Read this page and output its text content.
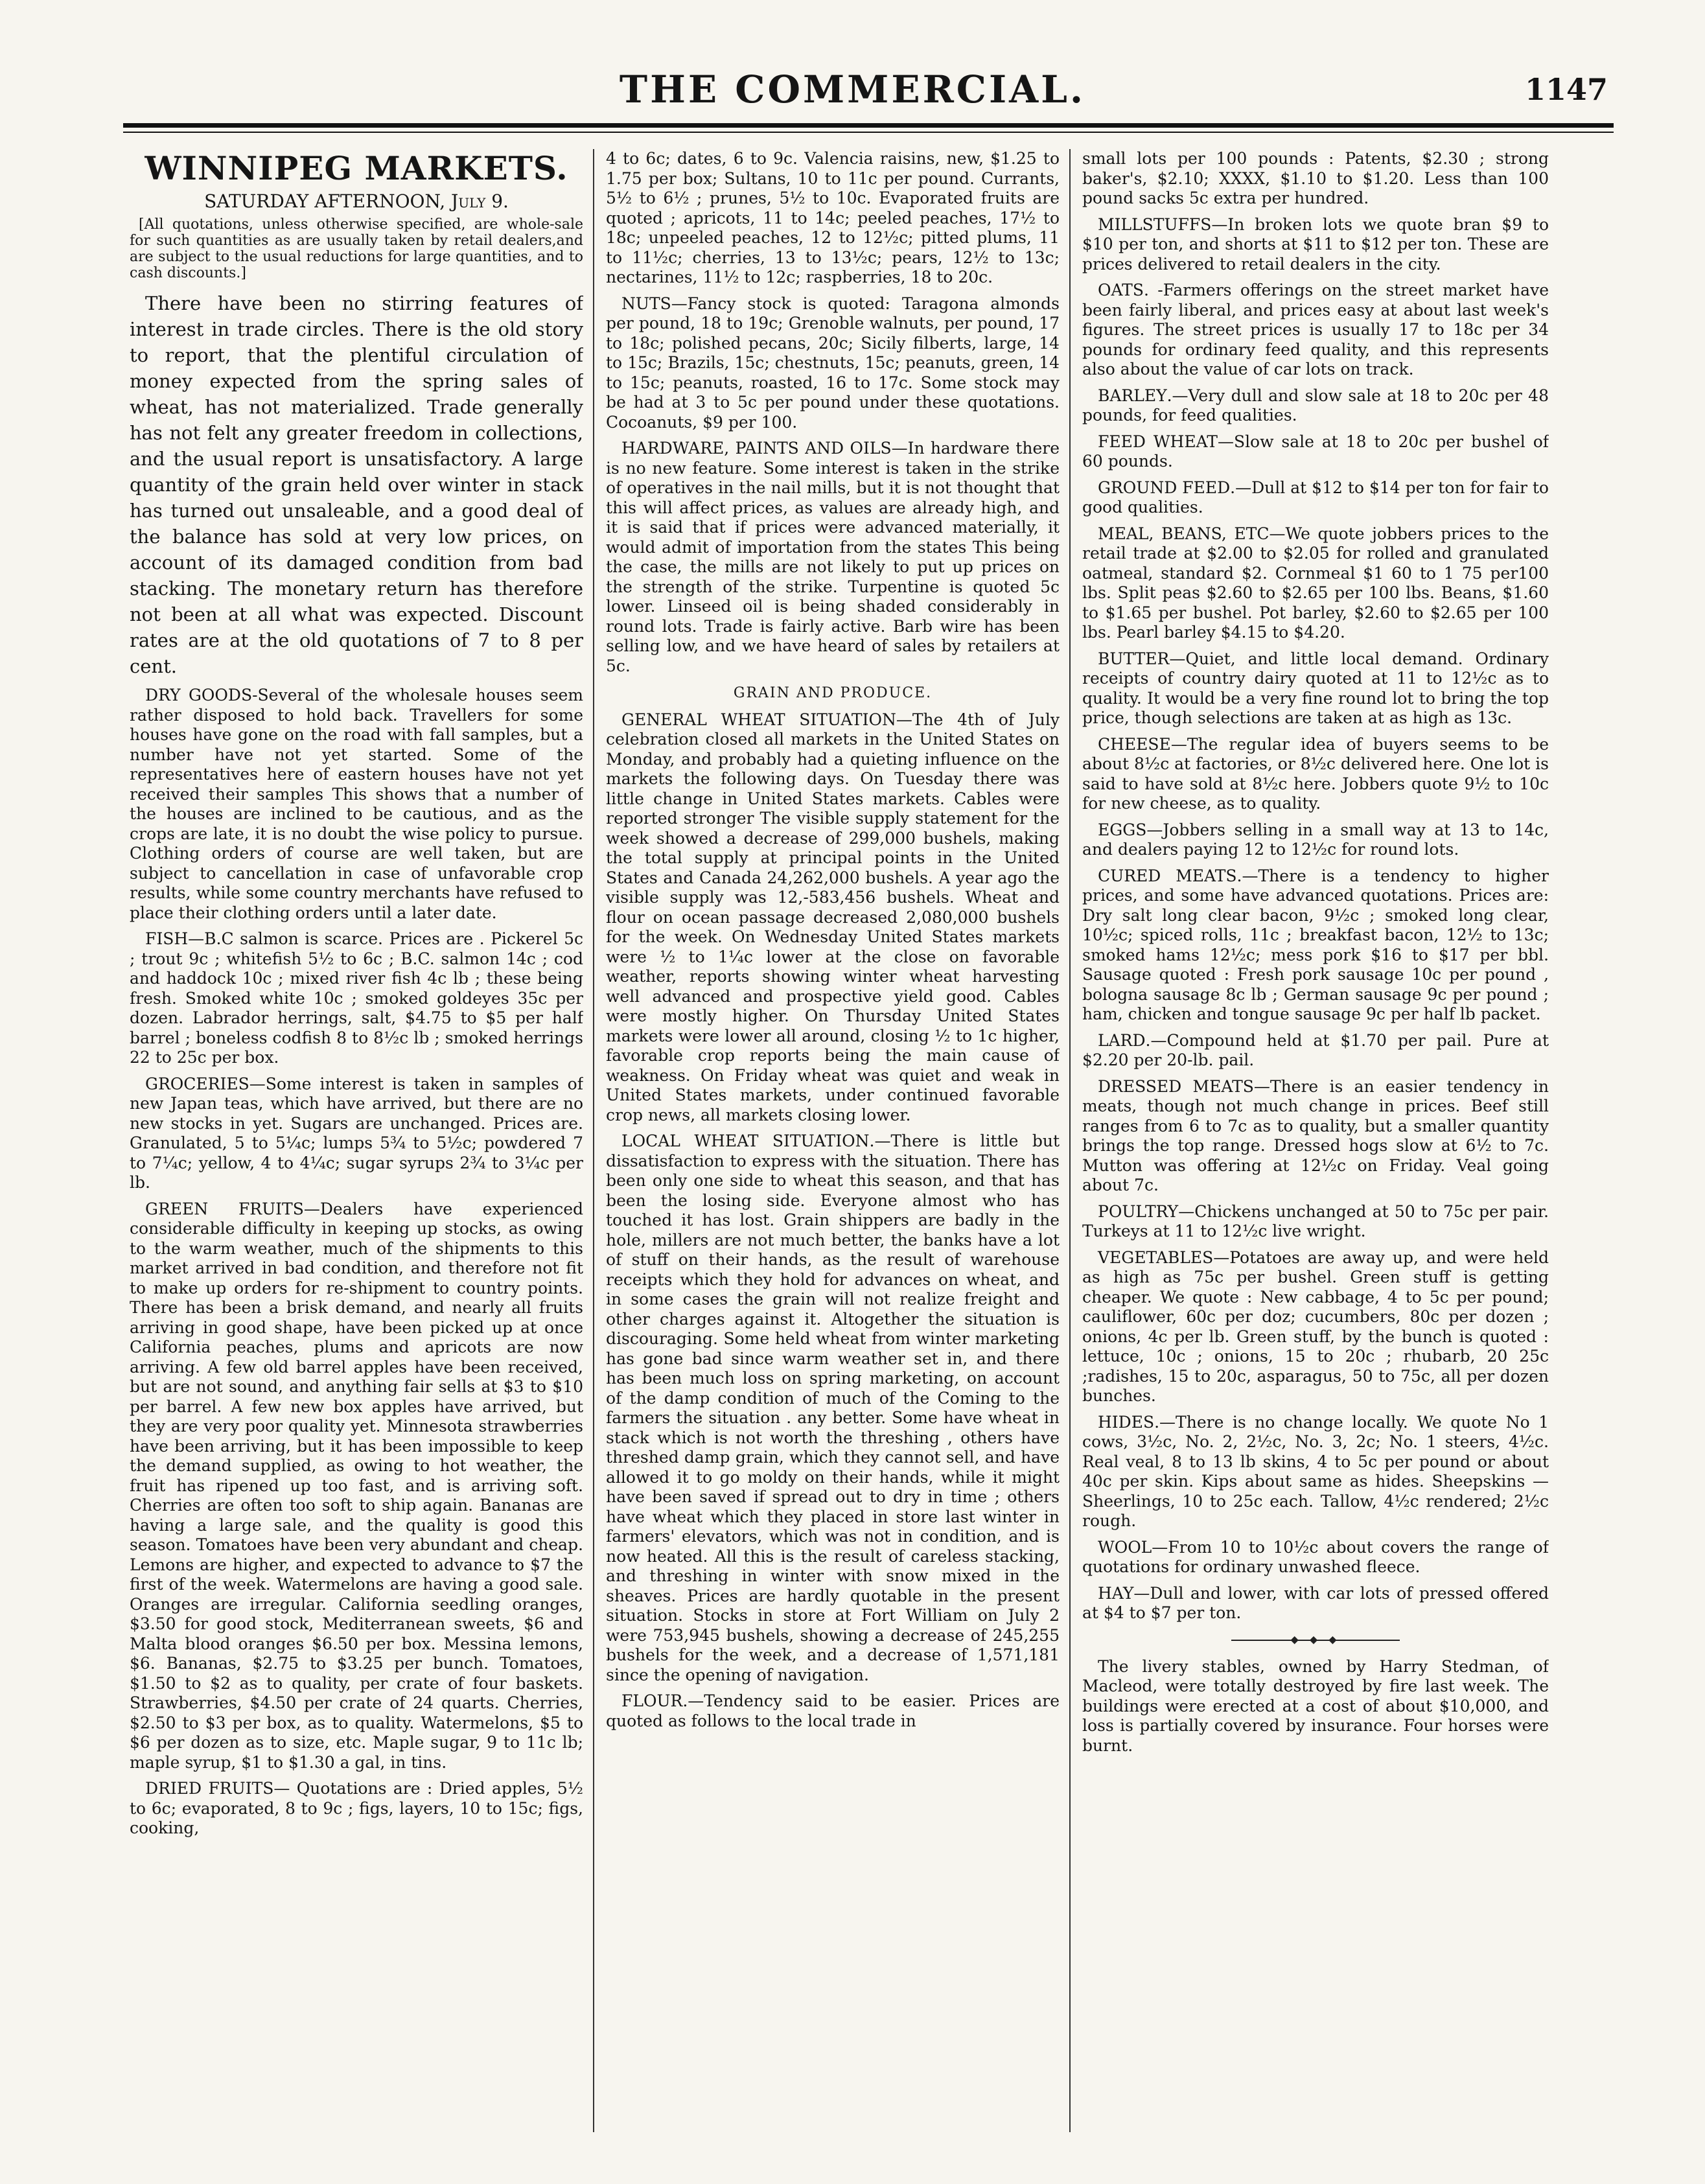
THE COMMERCIAL.	1147
WINNIPEG MARKETS.
SATURDAY AFTERNOON, July 9.
[All quotations, unless otherwise specified, are whole-sale for such quantities as are usually taken by retail dealers,and are subject to the usual reductions for large quantities, and to cash discounts.]

There have been no stirring features of interest in trade circles. There is the old story to report, that the plentiful circulation of money expected from the spring sales of wheat, has not materialized. Trade generally has not felt any greater freedom in collections, and the usual report is unsatisfactory. A large quantity of the grain held over winter in stack has turned out unsaleable, and a good deal of the balance has sold at very low prices, on account of its damaged condition from bad stacking. The monetary return has therefore not been at all what was expected. Discount rates are at the old quotations of 7 to 8 per cent.

DRY GOODS-Several of the wholesale houses seem rather disposed to hold back. Travellers for some houses have gone on the road with fall samples, but a number have not yet started. Some of the representatives here of eastern houses have not yet received their samples This shows that a number of the houses are inclined to be cautious, and as the crops are late, it is no doubt the wise policy to pursue. Clothing orders of course are well taken, but are subject to cancellation in case of unfavorable crop results, while some country merchants have refused to place their clothing orders until a later date.

FISH—B.C salmon is scarce. Prices are . Pickerel 5c ; trout 9c ; whitefish 5½ to 6c ; B.C. salmon 14c ; cod and haddock 10c ; mixed river fish 4c lb ; these being fresh. Smoked white 10c ; smoked goldeyes 35c per dozen. Labrador herrings, salt, $4.75 to $5 per half barrel ; boneless codfish 8 to 8½c lb ; smoked herrings 22 to 25c per box.

GROCERIES—Some interest is taken in samples of new Japan teas, which have arrived, but there are no new stocks in yet. Sugars are unchanged. Prices are. Granulated, 5 to 5¼c; lumps 5¾ to 5½c; powdered 7 to 7¼c; yellow, 4 to 4¼c; sugar syrups 2¾ to 3¼c per lb.

GREEN FRUITS—Dealers have experienced considerable difficulty in keeping up stocks, as owing to the warm weather, much of the shipments to this market arrived in bad condition, and therefore not fit to make up orders for re-shipment to country points. There has been a brisk demand, and nearly all fruits arriving in good shape, have been picked up at once California peaches, plums and apricots are now arriving. A few old barrel apples have been received, but are not sound, and anything fair sells at $3 to $10 per barrel. A few new box apples have arrived, but they are very poor quality yet. Minnesota strawberries have been arriving, but it has been impossible to keep the demand supplied, as owing to hot weather, the fruit has ripened up too fast, and is arriving soft. Cherries are often too soft to ship again. Bananas are having a large sale, and the quality is good this season. Tomatoes have been very abundant and cheap. Lemons are higher, and expected to advance to $7 the first of the week. Watermelons are having a good sale. Oranges are irregular. California seedling oranges, $3.50 for good stock, Mediterranean sweets, $6 and Malta blood oranges $6.50 per box. Messina lemons, $6. Bananas, $2.75 to $3.25 per bunch. Tomatoes, $1.50 to $2 as to quality, per crate of four baskets. Strawberries, $4.50 per crate of 24 quarts. Cherries, $2.50 to $3 per box, as to quality. Watermelons, $5 to $6 per dozen as to size, etc. Maple sugar, 9 to 11c lb; maple syrup, $1 to $1.30 a gal, in tins.

DRIED FRUITS— Quotations are : Dried apples, 5½ to 6c; evaporated, 8 to 9c ; figs, layers, 10 to 15c; figs, cooking,

4 to 6c; dates, 6 to 9c. Valencia raisins, new, $1.25 to 1.75 per box; Sultans, 10 to 11c per pound. Currants, 5½ to 6½ ; prunes, 5½ to 10c. Evaporated fruits are quoted ; apricots, 11 to 14c; peeled peaches, 17½ to 18c; unpeeled peaches, 12 to 12½c; pitted plums, 11 to 11½c; cherries, 13 to 13½c; pears, 12½ to 13c; nectarines, 11½ to 12c; raspberries, 18 to 20c.

NUTS—Fancy stock is quoted: Taragona almonds per pound, 18 to 19c; Grenoble walnuts, per pound, 17 to 18c; polished pecans, 20c; Sicily filberts, large, 14 to 15c; Brazils, 15c; chestnuts, 15c; peanuts, green, 14 to 15c; peanuts, roasted, 16 to 17c. Some stock may be had at 3 to 5c per pound under these quotations. Cocoanuts, $9 per 100.

HARDWARE, PAINTS AND OILS—In hardware there is no new feature. Some interest is taken in the strike of operatives in the nail mills, but it is not thought that this will affect prices, as values are already high, and it is said that if prices were advanced materially, it would admit of importation from the states This being the case, the mills are not likely to put up prices on the strength of the strike. Turpentine is quoted 5c lower. Linseed oil is being shaded considerably in round lots. Trade is fairly active. Barb wire has been selling low, and we have heard of sales by retailers at 5c.

GRAIN AND PRODUCE.

GENERAL WHEAT SITUATION—The 4th of July celebration closed all markets in the United States on Monday, and probably had a quieting influence on the markets the following days. On Tuesday there was little change in United States markets. Cables were reported stronger The visible supply statement for the week showed a decrease of 299,000 bushels, making the total supply at principal points in the United States and Canada 24,262,000 bushels. A year ago the visible supply was 12,-583,456 bushels. Wheat and flour on ocean passage decreased 2,080,000 bushels for the week. On Wednesday United States markets were ½ to 1¼c lower at the close on favorable weather, reports showing winter wheat harvesting well advanced and prospective yield good. Cables were mostly higher. On Thursday United States markets were lower all around, closing ½ to 1c higher, favorable crop reports being the main cause of weakness. On Friday wheat was quiet and weak in United States markets, under continued favorable crop news, all markets closing lower.

LOCAL WHEAT SITUATION.—There is little but dissatisfaction to express with the situation. There has been only one side to wheat this season, and that has been the losing side. Everyone almost who has touched it has lost. Grain shippers are badly in the hole, millers are not much better, the banks have a lot of stuff on their hands, as the result of warehouse receipts which they hold for advances on wheat, and in some cases the grain will not realize freight and other charges against it. Altogether the situation is discouraging. Some held wheat from winter marketing has gone bad since warm weather set in, and there has been much loss on spring marketing, on account of the damp condition of much of the Coming to the farmers the situation . any better. Some have wheat in stack which is not worth the threshing , others have threshed damp grain, which they cannot sell, and have allowed it to go moldy on their hands, while it might have been saved if spread out to dry in time ; others have wheat which they placed in store last winter in farmers' elevators, which was not in condition, and is now heated. All this is the result of careless stacking, and threshing in winter with snow mixed in the sheaves. Prices are hardly quotable in the present situation. Stocks in store at Fort William on July 2 were 753,945 bushels, showing a decrease of 245,255 bushels for the week, and a decrease of 1,571,181 since the opening of navigation.

FLOUR.—Tendency said to be easier. Prices are quoted as follows to the local trade in

small lots per 100 pounds : Patents, $2.30 ; strong baker's, $2.10; XXXX, $1.10 to $1.20. Less than 100 pound sacks 5c extra per hundred.

MILLSTUFFS—In broken lots we quote bran $9 to $10 per ton, and shorts at $11 to $12 per ton. These are prices delivered to retail dealers in the city.

OATS. -Farmers offerings on the street market have been fairly liberal, and prices easy at about last week's figures. The street prices is usually 17 to 18c per 34 pounds for ordinary feed quality, and this represents also about the value of car lots on track.

BARLEY.—Very dull and slow sale at 18 to 20c per 48 pounds, for feed qualities.

FEED WHEAT—Slow sale at 18 to 20c per bushel of 60 pounds.

GROUND FEED.—Dull at $12 to $14 per ton for fair to good qualities.

MEAL, BEANS, ETC—We quote jobbers prices to the retail trade at $2.00 to $2.05 for rolled and granulated oatmeal, standard $2. Cornmeal $1 60 to 1 75 per100 lbs. Split peas $2.60 to $2.65 per 100 lbs. Beans, $1.60 to $1.65 per bushel. Pot barley, $2.60 to $2.65 per 100 lbs. Pearl barley $4.15 to $4.20.

BUTTER—Quiet, and little local demand. Ordinary receipts of country dairy quoted at 11 to 12½c as to quality. It would be a very fine round lot to bring the top price, though selections are taken at as high as 13c.

CHEESE—The regular idea of buyers seems to be about 8½c at factories, or 8½c delivered here. One lot is said to have sold at 8½c here. Jobbers quote 9½ to 10c for new cheese, as to quality.

EGGS—Jobbers selling in a small way at 13 to 14c, and dealers paying 12 to 12½c for round lots.

CURED MEATS.—There is a tendency to higher prices, and some have advanced quotations. Prices are: Dry salt long clear bacon, 9½c ; smoked long clear, 10½c; spiced rolls, 11c ; breakfast bacon, 12½ to 13c; smoked hams 12½c; mess pork $16 to $17 per bbl. Sausage quoted : Fresh pork sausage 10c per pound , bologna sausage 8c lb ; German sausage 9c per pound ; ham, chicken and tongue sausage 9c per half lb packet.

LARD.—Compound held at $1.70 per pail. Pure at $2.20 per 20-lb. pail.

DRESSED MEATS—There is an easier tendency in meats, though not much change in prices. Beef still ranges from 6 to 7c as to quality, but a smaller quantity brings the top range. Dressed hogs slow at 6½ to 7c. Mutton was offering at 12½c on Friday. Veal going about 7c.

POULTRY—Chickens unchanged at 50 to 75c per pair. Turkeys at 11 to 12½c live wright.

VEGETABLES—Potatoes are away up, and were held as high as 75c per bushel. Green stuff is getting cheaper. We quote : New cabbage, 4 to 5c per pound; cauliflower, 60c per doz; cucumbers, 80c per dozen ; onions, 4c per lb. Green stuff, by the bunch is quoted : lettuce, 10c ; onions, 15 to 20c ; rhubarb, 20 25c ;radishes, 15 to 20c, asparagus, 50 to 75c, all per dozen bunches.

HIDES.—There is no change locally. We quote No 1 cows, 3½c, No. 2, 2½c, No. 3, 2c; No. 1 steers, 4½c. Real veal, 8 to 13 lb skins, 4 to 5c per pound or about 40c per skin. Kips about same as hides. Sheepskins —Sheerlings, 10 to 25c each. Tallow, 4½c rendered; 2½c rough.

WOOL—From 10 to 10½c about covers the range of quotations for ordinary unwashed fleece.

HAY—Dull and lower, with car lots of pressed offered at $4 to $7 per ton.

◆ ◆ ◆

The livery stables, owned by Harry Stedman, of Macleod, were totally destroyed by fire last week. The buildings were erected at a cost of about $10,000, and loss is partially covered by insurance. Four horses were burnt.
